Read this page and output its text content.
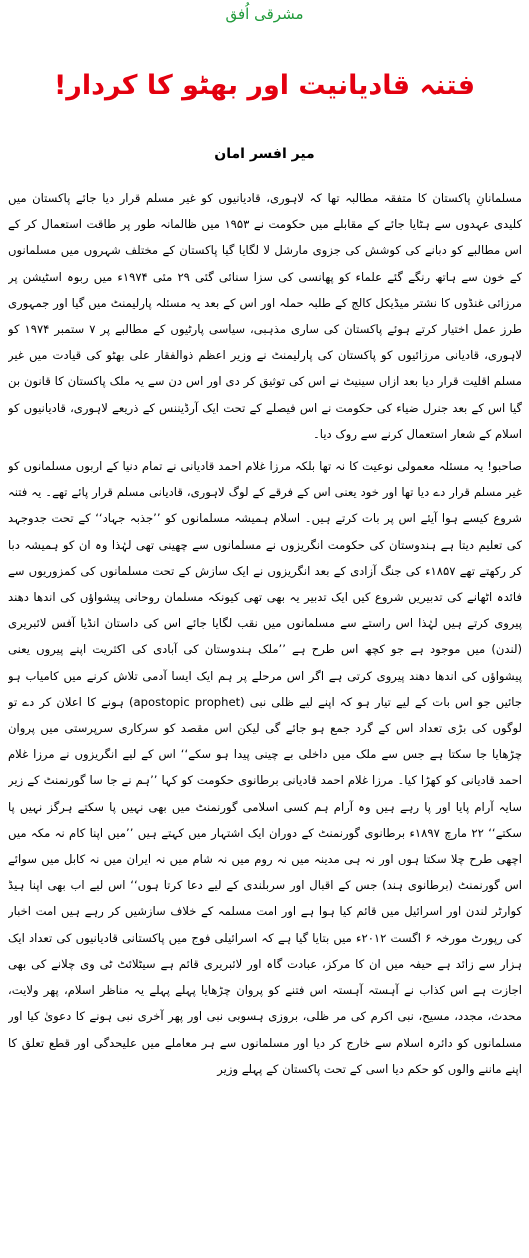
مشرقی اُفق
فتنہ قادیانیت اور بھٹو کا کردار!
میر افسر امان

مسلمانانِ پاکستان کا متفقہ مطالبہ تھا کہ لاہوری، قادیانیوں کو غیر مسلم قرار دیا جائے پاکستان میں کلیدی عہدوں سے ہٹایا جائے کے مقابلے میں حکومت نے ۱۹۵۳ میں ظالمانہ طور پر طاقت استعمال کر کے اس مطالبے کو دبانے کی کوشش کی جزوی مارشل لا لگایا گیا پاکستان کے مختلف شہروں میں مسلمانوں کے خون سے ہاتھ رنگے گئے علماء کو پھانسی کی سزا سنائی گئی ۲۹ مئی ۱۹۷۴ء میں ربوہ اسٹیشن پر مرزائی غنڈوں کا نشتر میڈیکل کالج کے طلبہ حملہ اور اس کے بعد یہ مسئلہ پارلیمنٹ میں گیا اور جمہوری طرز عمل اختیار کرتے ہوئے پاکستان کی ساری مذہبی، سیاسی پارٹیوں کے مطالبے پر ۷ ستمبر ۱۹۷۴ کو لاہوری، قادیانی مرزائیوں کو پاکستان کی پارلیمنٹ نے وزیر اعظم ذوالفقار علی بھٹو کی قیادت میں غیر مسلم اقلیت قرار دیا بعد ازاں سینیٹ نے اس کی توثیق کر دی اور اس دن سے یہ ملک پاکستان کا قانون بن گیا اس کے بعد جنرل ضیاء کی حکومت نے اس فیصلے کے تحت ایک آرڈیننس کے ذریعے لاہوری، قادیانیوں کو اسلام کے شعار استعمال کرنے سے روک دیا۔

صاحبو! یہ مسئلہ معمولی نوعیت کا نہ تھا بلکہ مرزا غلام احمد قادیانی نے تمام دنیا کے اربوں مسلمانوں کو غیر مسلم قرار دے دیا تھا اور خود یعنی اس کے فرقے کے لوگ لاہوری، قادیانی مسلم قرار پائے تھے۔ یہ فتنہ شروع کیسے ہوا آیئے اس پر بات کرتے ہیں۔ اسلام ہمیشہ مسلمانوں کو ’’جذبہ جہاد‘‘ کے تحت جدوجہد کی تعلیم دیتا ہے ہندوستان کی حکومت انگریزوں نے مسلمانوں سے چھینی تھی لہٰذا وہ ان کو ہمیشہ دبا کر رکھتے تھے ۱۸۵۷ء کی جنگ آزادی کے بعد انگریزوں نے ایک سازش کے تحت مسلمانوں کی کمزوریوں سے فائدہ اٹھانے کی تدبیریں شروع کیں ایک تدبیر یہ بھی تھی کیونکہ مسلمان روحانی پیشواؤں کی اندھا دھند پیروی کرتے ہیں لہٰذا اس راستے سے مسلمانوں میں نقب لگایا جائے اس کی داستان انڈیا آفس لائبریری (لندن) میں موجود ہے جو کچھ اس طرح ہے ’’ملک ہندوستان کی آبادی کی اکثریت اپنے پیروں یعنی پیشواؤں کی اندھا دھند پیروی کرتی ہے اگر اس مرحلے پر ہم ایک ایسا آدمی تلاش کرنے میں کامیاب ہو جائیں جو اس بات کے لیے تیار ہو کہ اپنے لیے ظلی نبی (apostopic prophet) ہونے کا اعلان کر دے تو لوگوں کی بڑی تعداد اس کے گرد جمع ہو جائے گی لیکن اس مقصد کو سرکاری سرپرستی میں پروان چڑھایا جا سکتا ہے جس سے ملک میں داخلی بے چینی پیدا ہو سکے‘‘ اس کے لیے انگریزوں نے مرزا غلام احمد قادیانی کو کھڑا کیا۔ مرزا غلام احمد قادیانی برطانوی حکومت کو کہا ’’ہم نے جا سا گورنمنٹ کے زیر سایہ آرام پایا اور پا رہے ہیں وہ آرام ہم کسی اسلامی گورنمنٹ میں بھی نہیں پا سکتے ہرگز نہیں پا سکتے‘‘ ۲۲ مارچ ۱۸۹۷ء برطانوی گورنمنٹ کے دوران ایک اشتہار میں کہتے ہیں ’’میں اپنا کام نہ مکہ میں اچھی طرح چلا سکتا ہوں اور نہ ہی مدینہ میں نہ روم میں نہ شام میں نہ ایران میں نہ کابل میں سوائے اس گورنمنٹ (برطانوی ہند) جس کے اقبال اور سربلندی کے لیے دعا کرتا ہوں‘‘ اس لیے اب بھی اپنا ہیڈ کوارٹر لندن اور اسرائیل میں قائم کیا ہوا ہے اور امت مسلمہ کے خلاف سازشیں کر رہے ہیں امت اخبار کی رپورٹ مورخہ ۶ اگست ۲۰۱۲ء میں بتایا گیا ہے کہ اسرائیلی فوج میں پاکستانی قادیانیوں کی تعداد ایک ہزار سے زائد ہے حیفہ میں ان کا مرکز، عبادت گاہ اور لائبریری قائم ہے سیٹلائٹ ٹی وی چلانے کی بھی اجازت ہے اس کذاب نے آہستہ آہستہ اس فتنے کو پروان چڑھایا پہلے پہلے یہ مناظر اسلام، پھر ولایت، محدث، مجدد، مسیح، نبی اکرم کی مر ظلی، بروزی ہسوبی نبی اور پھر آخری نبی ہونے کا دعویٰ کیا اور مسلمانوں کو دائرہ اسلام سے خارج کر دیا اور مسلمانوں سے ہر معاملے میں علیحدگی اور قطع تعلق کا اپنے ماننے والوں کو حکم دیا اسی کے تحت پاکستان کے پہلے وزیر
